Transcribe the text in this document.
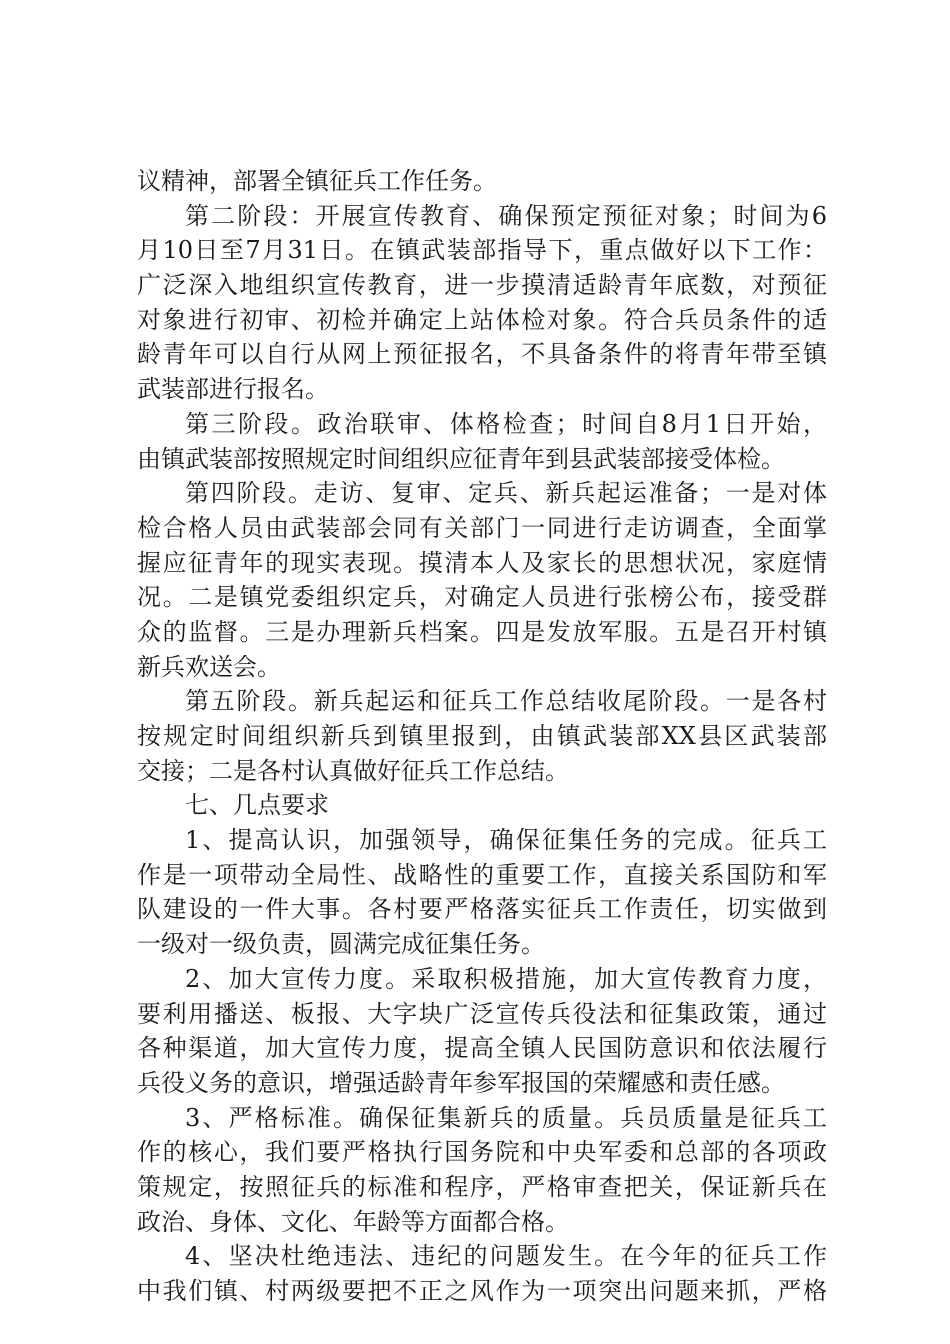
议精神，部署全镇征兵工作任务。
第二阶段：开展宣传教育、确保预定预征对象；时间为6
月10日至7月31日。在镇武装部指导下，重点做好以下工作：
广泛深入地组织宣传教育，进一步摸清适龄青年底数，对预征
对象进行初审、初检并确定上站体检对象。符合兵员条件的适
龄青年可以自行从网上预征报名，不具备条件的将青年带至镇
武装部进行报名。
第三阶段。政治联审、体格检查；时间自8月1日开始，
由镇武装部按照规定时间组织应征青年到县武装部接受体检。
第四阶段。走访、复审、定兵、新兵起运准备；一是对体
检合格人员由武装部会同有关部门一同进行走访调查，全面掌
握应征青年的现实表现。摸清本人及家长的思想状况，家庭情
况。二是镇党委组织定兵，对确定人员进行张榜公布，接受群
众的监督。三是办理新兵档案。四是发放军服。五是召开村镇
新兵欢送会。
第五阶段。新兵起运和征兵工作总结收尾阶段。一是各村
按规定时间组织新兵到镇里报到，由镇武装部XX县区武装部
交接；二是各村认真做好征兵工作总结。
七、几点要求
1、提高认识，加强领导，确保征集任务的完成。征兵工
作是一项带动全局性、战略性的重要工作，直接关系国防和军
队建设的一件大事。各村要严格落实征兵工作责任，切实做到
一级对一级负责，圆满完成征集任务。
2、加大宣传力度。采取积极措施，加大宣传教育力度，
要利用播送、板报、大字块广泛宣传兵役法和征集政策，通过
各种渠道，加大宣传力度，提高全镇人民国防意识和依法履行
兵役义务的意识，增强适龄青年参军报国的荣耀感和责任感。
3、严格标准。确保征集新兵的质量。兵员质量是征兵工
作的核心，我们要严格执行国务院和中央军委和总部的各项政
策规定，按照征兵的标准和程序，严格审查把关，保证新兵在
政治、身体、文化、年龄等方面都合格。
4、坚决杜绝违法、违纪的问题发生。在今年的征兵工作
中我们镇、村两级要把不正之风作为一项突出问题来抓，严格
